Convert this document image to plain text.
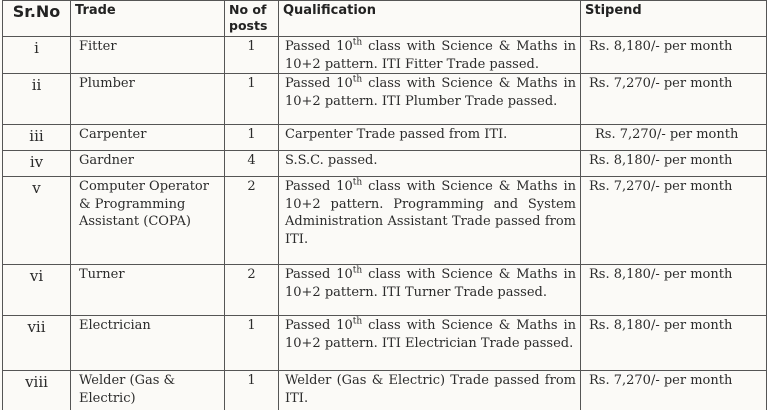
Sr.No	Trade	No of posts	Qualification	Stipend
i	Fitter	1	Passed 10th class with Science & Maths in 10+2 pattern. ITI Fitter Trade passed.	Rs. 8,180/- per month
ii	Plumber	1	Passed 10th class with Science & Maths in 10+2 pattern. ITI Plumber Trade passed.	Rs. 7,270/- per month
iii	Carpenter	1	Carpenter Trade passed from ITI.	Rs. 7,270/- per month
iv	Gardner	4	S.S.C. passed.	Rs. 8,180/- per month
v	Computer Operator & Programming Assistant (COPA)	2	Passed 10th class with Science & Maths in 10+2 pattern. Programming and System Administration Assistant Trade passed from ITI.	Rs. 7,270/- per month
vi	Turner	2	Passed 10th class with Science & Maths in 10+2 pattern. ITI Turner Trade passed.	Rs. 8,180/- per month
vii	Electrician	1	Passed 10th class with Science & Maths in 10+2 pattern. ITI Electrician Trade passed.	Rs. 8,180/- per month
viii	Welder (Gas & Electric)	1	Welder (Gas & Electric) Trade passed from ITI.	Rs. 7,270/- per month
